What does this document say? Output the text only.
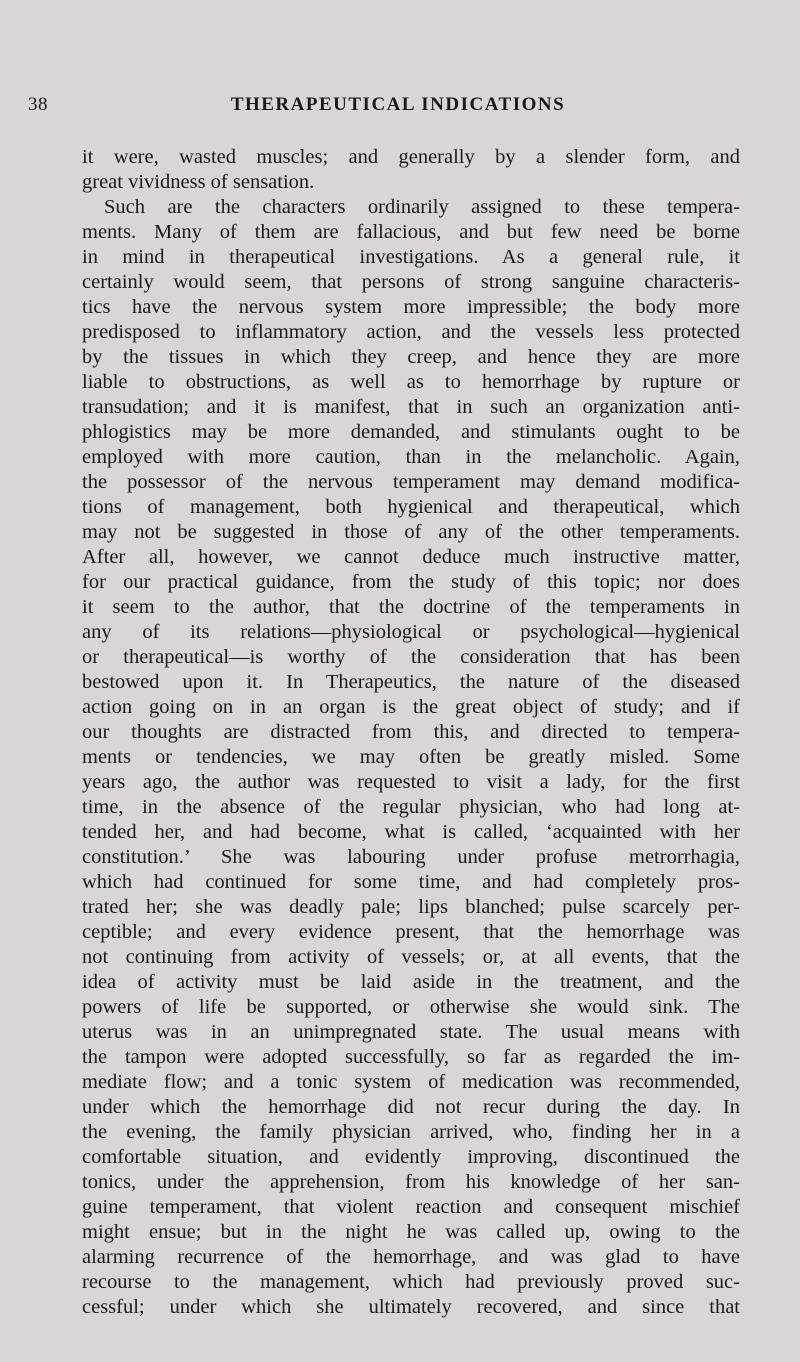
38	THERAPEUTICAL INDICATIONS
it were, wasted muscles; and generally by a slender form, and
great vividness of sensation.
Such are the characters ordinarily assigned to these tempera-
ments. Many of them are fallacious, and but few need be borne
in mind in therapeutical investigations. As a general rule, it
certainly would seem, that persons of strong sanguine characteris-
tics have the nervous system more impressible; the body more
predisposed to inflammatory action, and the vessels less protected
by the tissues in which they creep, and hence they are more
liable to obstructions, as well as to hemorrhage by rupture or
transudation; and it is manifest, that in such an organization anti-
phlogistics may be more demanded, and stimulants ought to be
employed with more caution, than in the melancholic. Again,
the possessor of the nervous temperament may demand modifica-
tions of management, both hygienical and therapeutical, which
may not be suggested in those of any of the other temperaments.
After all, however, we cannot deduce much instructive matter,
for our practical guidance, from the study of this topic; nor does
it seem to the author, that the doctrine of the temperaments in
any of its relations—physiological or psychological—hygienical
or therapeutical—is worthy of the consideration that has been
bestowed upon it. In Therapeutics, the nature of the diseased
action going on in an organ is the great object of study; and if
our thoughts are distracted from this, and directed to tempera-
ments or tendencies, we may often be greatly misled. Some
years ago, the author was requested to visit a lady, for the first
time, in the absence of the regular physician, who had long at-
tended her, and had become, what is called, ‘acquainted with her
constitution.’ She was labouring under profuse metrorrhagia,
which had continued for some time, and had completely pros-
trated her; she was deadly pale; lips blanched; pulse scarcely per-
ceptible; and every evidence present, that the hemorrhage was
not continuing from activity of vessels; or, at all events, that the
idea of activity must be laid aside in the treatment, and the
powers of life be supported, or otherwise she would sink. The
uterus was in an unimpregnated state. The usual means with
the tampon were adopted successfully, so far as regarded the im-
mediate flow; and a tonic system of medication was recommended,
under which the hemorrhage did not recur during the day. In
the evening, the family physician arrived, who, finding her in a
comfortable situation, and evidently improving, discontinued the
tonics, under the apprehension, from his knowledge of her san-
guine temperament, that violent reaction and consequent mischief
might ensue; but in the night he was called up, owing to the
alarming recurrence of the hemorrhage, and was glad to have
recourse to the management, which had previously proved suc-
cessful; under which she ultimately recovered, and since that
